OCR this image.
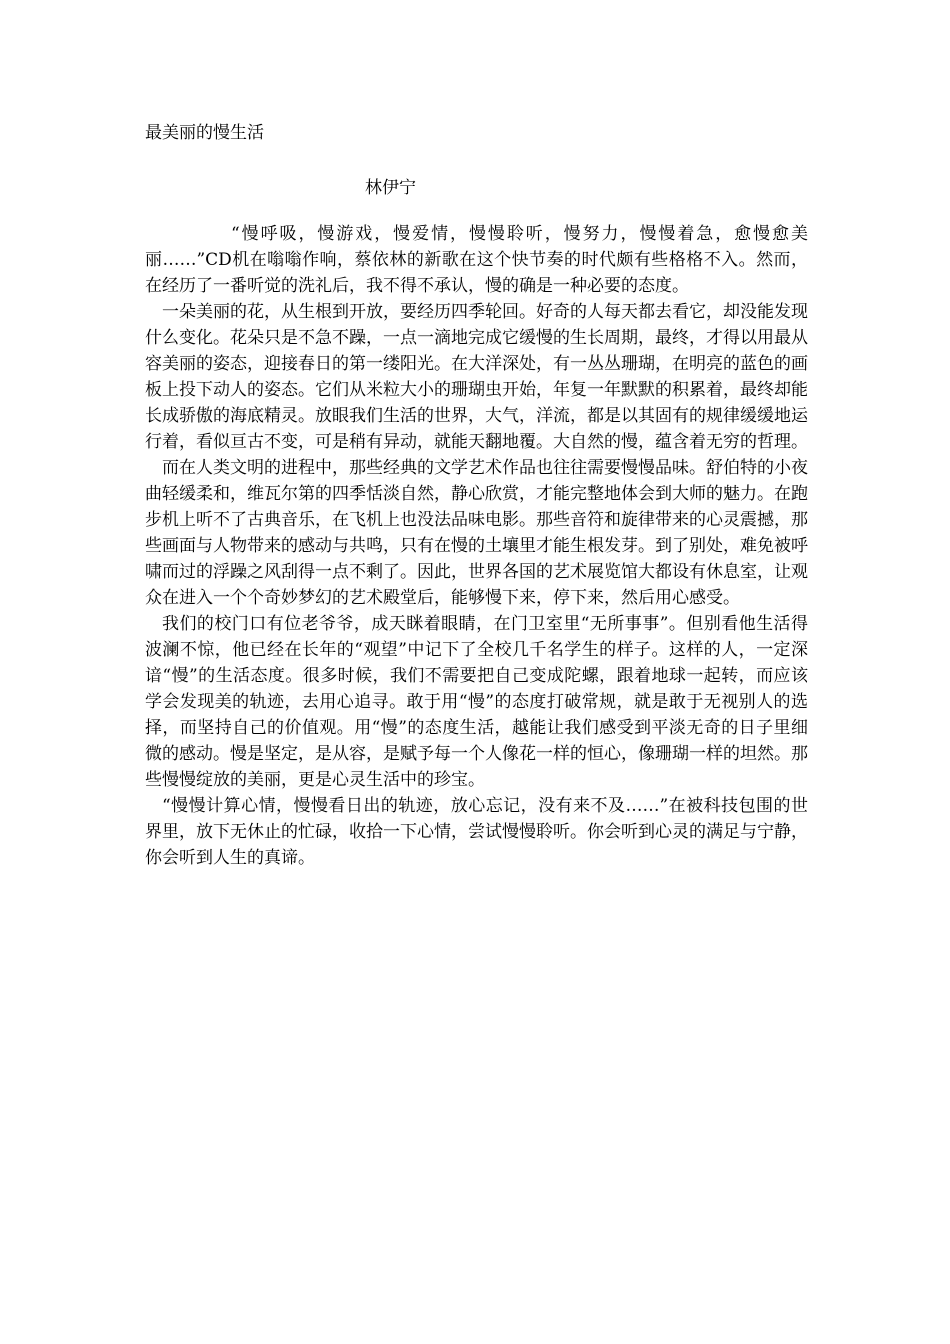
最美丽的慢生活
林伊宁

“慢呼吸，慢游戏，慢爱情，慢慢聆听，慢努力，慢慢着急，愈慢愈美丽……”CD机在嗡嗡作响，蔡依林的新歌在这个快节奏的时代颇有些格格不入。然而，在经历了一番听觉的洗礼后，我不得不承认，慢的确是一种必要的态度。

一朵美丽的花，从生根到开放，要经历四季轮回。好奇的人每天都去看它，却没能发现什么变化。花朵只是不急不躁，一点一滴地完成它缓慢的生长周期，最终，才得以用最从容美丽的姿态，迎接春日的第一缕阳光。在大洋深处，有一丛丛珊瑚，在明亮的蓝色的画板上投下动人的姿态。它们从米粒大小的珊瑚虫开始，年复一年默默的积累着，最终却能长成骄傲的海底精灵。放眼我们生活的世界，大气，洋流，都是以其固有的规律缓缓地运行着，看似亘古不变，可是稍有异动，就能天翻地覆。大自然的慢，蕴含着无穷的哲理。

而在人类文明的进程中，那些经典的文学艺术作品也往往需要慢慢品味。舒伯特的小夜曲轻缓柔和，维瓦尔第的四季恬淡自然，静心欣赏，才能完整地体会到大师的魅力。在跑步机上听不了古典音乐，在飞机上也没法品味电影。那些音符和旋律带来的心灵震撼，那些画面与人物带来的感动与共鸣，只有在慢的土壤里才能生根发芽。到了别处，难免被呼啸而过的浮躁之风刮得一点不剩了。因此，世界各国的艺术展览馆大都设有休息室，让观众在进入一个个奇妙梦幻的艺术殿堂后，能够慢下来，停下来，然后用心感受。

我们的校门口有位老爷爷，成天眯着眼睛，在门卫室里“无所事事”。但别看他生活得波澜不惊，他已经在长年的“观望”中记下了全校几千名学生的样子。这样的人，一定深谙“慢”的生活态度。很多时候，我们不需要把自己变成陀螺，跟着地球一起转，而应该学会发现美的轨迹，去用心追寻。敢于用“慢”的态度打破常规，就是敢于无视别人的选择，而坚持自己的价值观。用“慢”的态度生活，越能让我们感受到平淡无奇的日子里细微的感动。慢是坚定，是从容，是赋予每一个人像花一样的恒心，像珊瑚一样的坦然。那些慢慢绽放的美丽，更是心灵生活中的珍宝。

“慢慢计算心情，慢慢看日出的轨迹，放心忘记，没有来不及……”在被科技包围的世界里，放下无休止的忙碌，收拾一下心情，尝试慢慢聆听。你会听到心灵的满足与宁静，你会听到人生的真谛。
